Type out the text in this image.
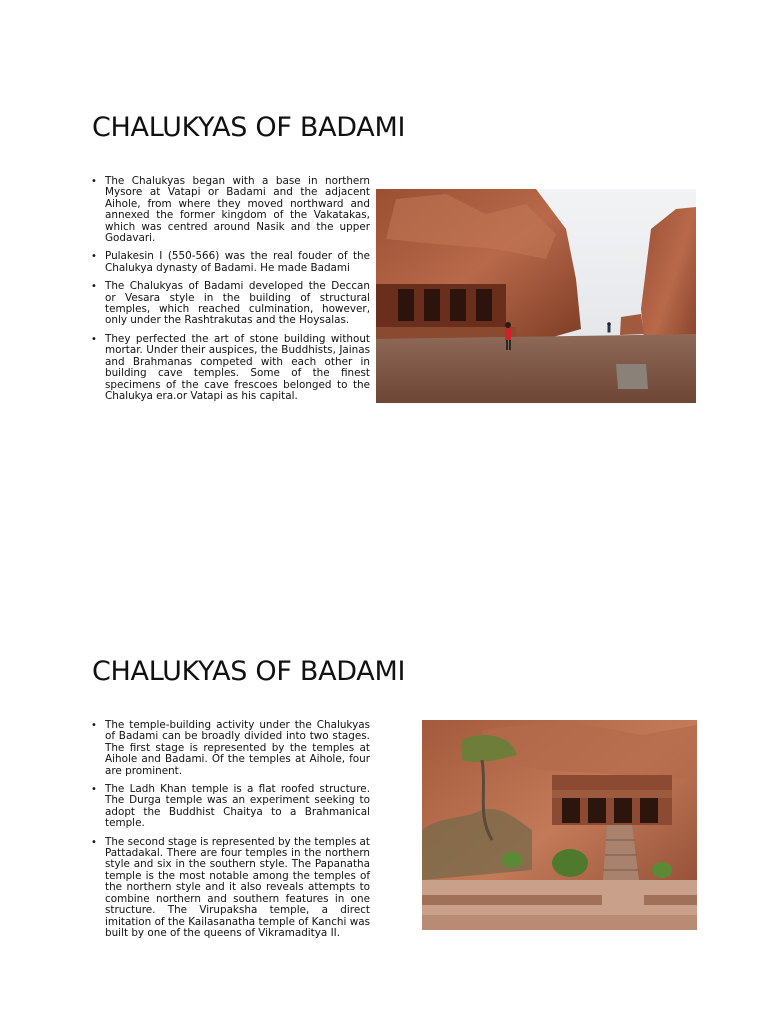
CHALUKYAS OF BADAMI
• The Chalukyas began with a base in northern Mysore at Vatapi or Badami and the adjacent Aihole, from where they moved northward and annexed the former kingdom of the Vakatakas, which was centred around Nasik and the upper Godavari.
• Pulakesin I (550-566) was the real fouder of the Chalukya dynasty of Badami. He made Badami
• The Chalukyas of Badami developed the Deccan or Vesara style in the building of structural temples, which reached culmination, however, only under the Rashtrakutas and the Hoysalas.
• They perfected the art of stone building without mortar. Under their auspices, the Buddhists, Jainas and Brahmanas competed with each other in building cave temples. Some of the finest specimens of the cave frescoes belonged to the Chalukya era.or Vatapi as his capital.
CHALUKYAS OF BADAMI
• The temple-building activity under the Chalukyas of Badami can be broadly divided into two stages. The first stage is represented by the temples at Aihole and Badami. Of the temples at Aihole, four are prominent.
• The Ladh Khan temple is a flat roofed structure. The Durga temple was an experiment seeking to adopt the Buddhist Chaitya to a Brahmanical temple.
• The second stage is represented by the temples at Pattadakal. There are four temples in the northern style and six in the southern style. The Papanatha temple is the most notable among the temples of the northern style and it also reveals attempts to combine northern and southern features in one structure. The Virupaksha temple, a direct imitation of the Kailasanatha temple of Kanchi was built by one of the queens of Vikramaditya II.
